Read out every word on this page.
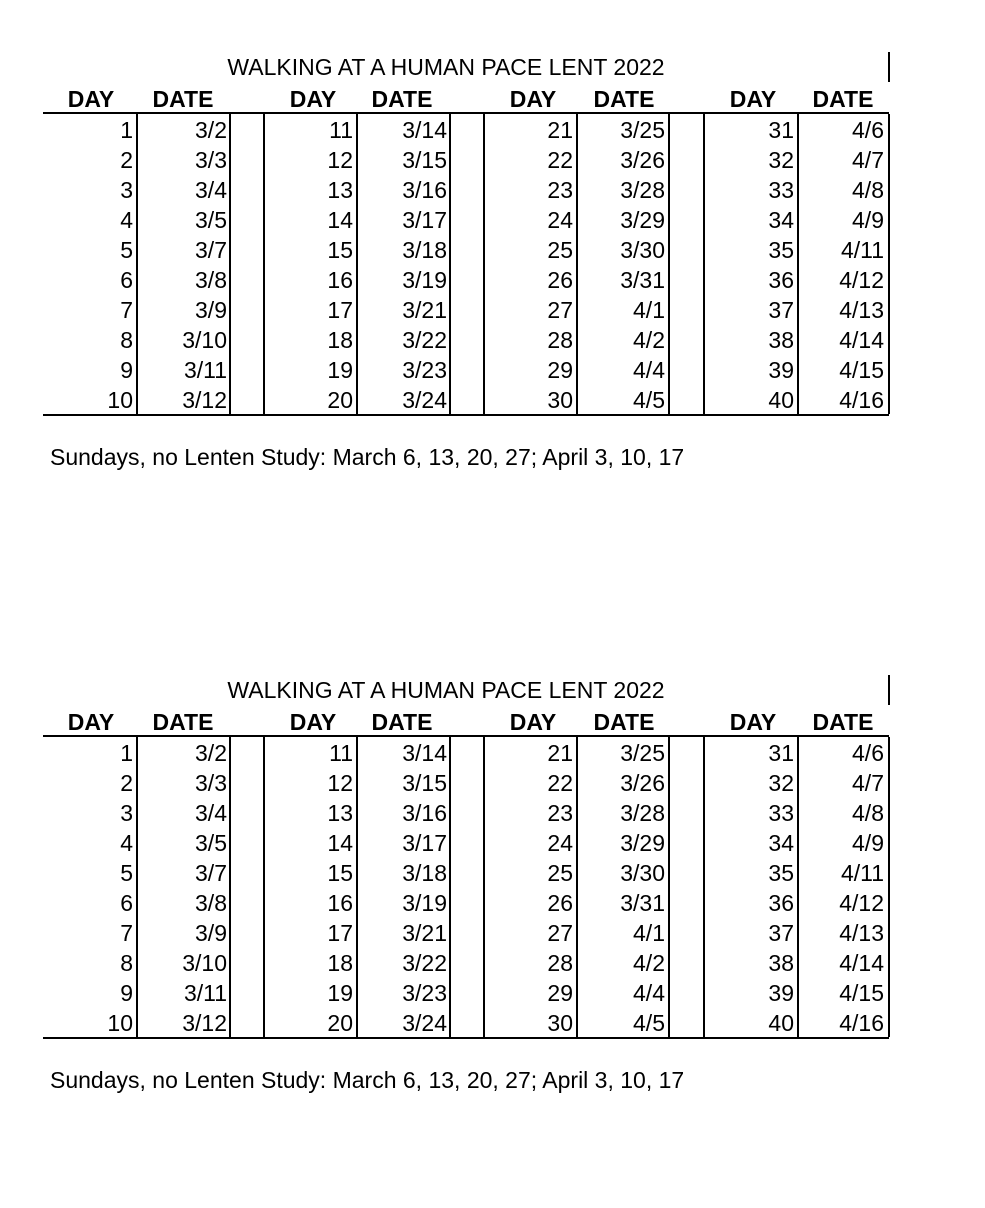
WALKING AT A HUMAN PACE LENT 2022
DAY	DATE	DAY	DATE	DAY	DATE	DAY	DATE
1	3/2	11	3/14	21	3/25	31	4/6
2	3/3	12	3/15	22	3/26	32	4/7
3	3/4	13	3/16	23	3/28	33	4/8
4	3/5	14	3/17	24	3/29	34	4/9
5	3/7	15	3/18	25	3/30	35	4/11
6	3/8	16	3/19	26	3/31	36	4/12
7	3/9	17	3/21	27	4/1	37	4/13
8	3/10	18	3/22	28	4/2	38	4/14
9	3/11	19	3/23	29	4/4	39	4/15
10	3/12	20	3/24	30	4/5	40	4/16
Sundays, no Lenten Study: March 6, 13, 20, 27; April 3, 10, 17
WALKING AT A HUMAN PACE LENT 2022
DAY	DATE	DAY	DATE	DAY	DATE	DAY	DATE
1	3/2	11	3/14	21	3/25	31	4/6
2	3/3	12	3/15	22	3/26	32	4/7
3	3/4	13	3/16	23	3/28	33	4/8
4	3/5	14	3/17	24	3/29	34	4/9
5	3/7	15	3/18	25	3/30	35	4/11
6	3/8	16	3/19	26	3/31	36	4/12
7	3/9	17	3/21	27	4/1	37	4/13
8	3/10	18	3/22	28	4/2	38	4/14
9	3/11	19	3/23	29	4/4	39	4/15
10	3/12	20	3/24	30	4/5	40	4/16
Sundays, no Lenten Study: March 6, 13, 20, 27; April 3, 10, 17
